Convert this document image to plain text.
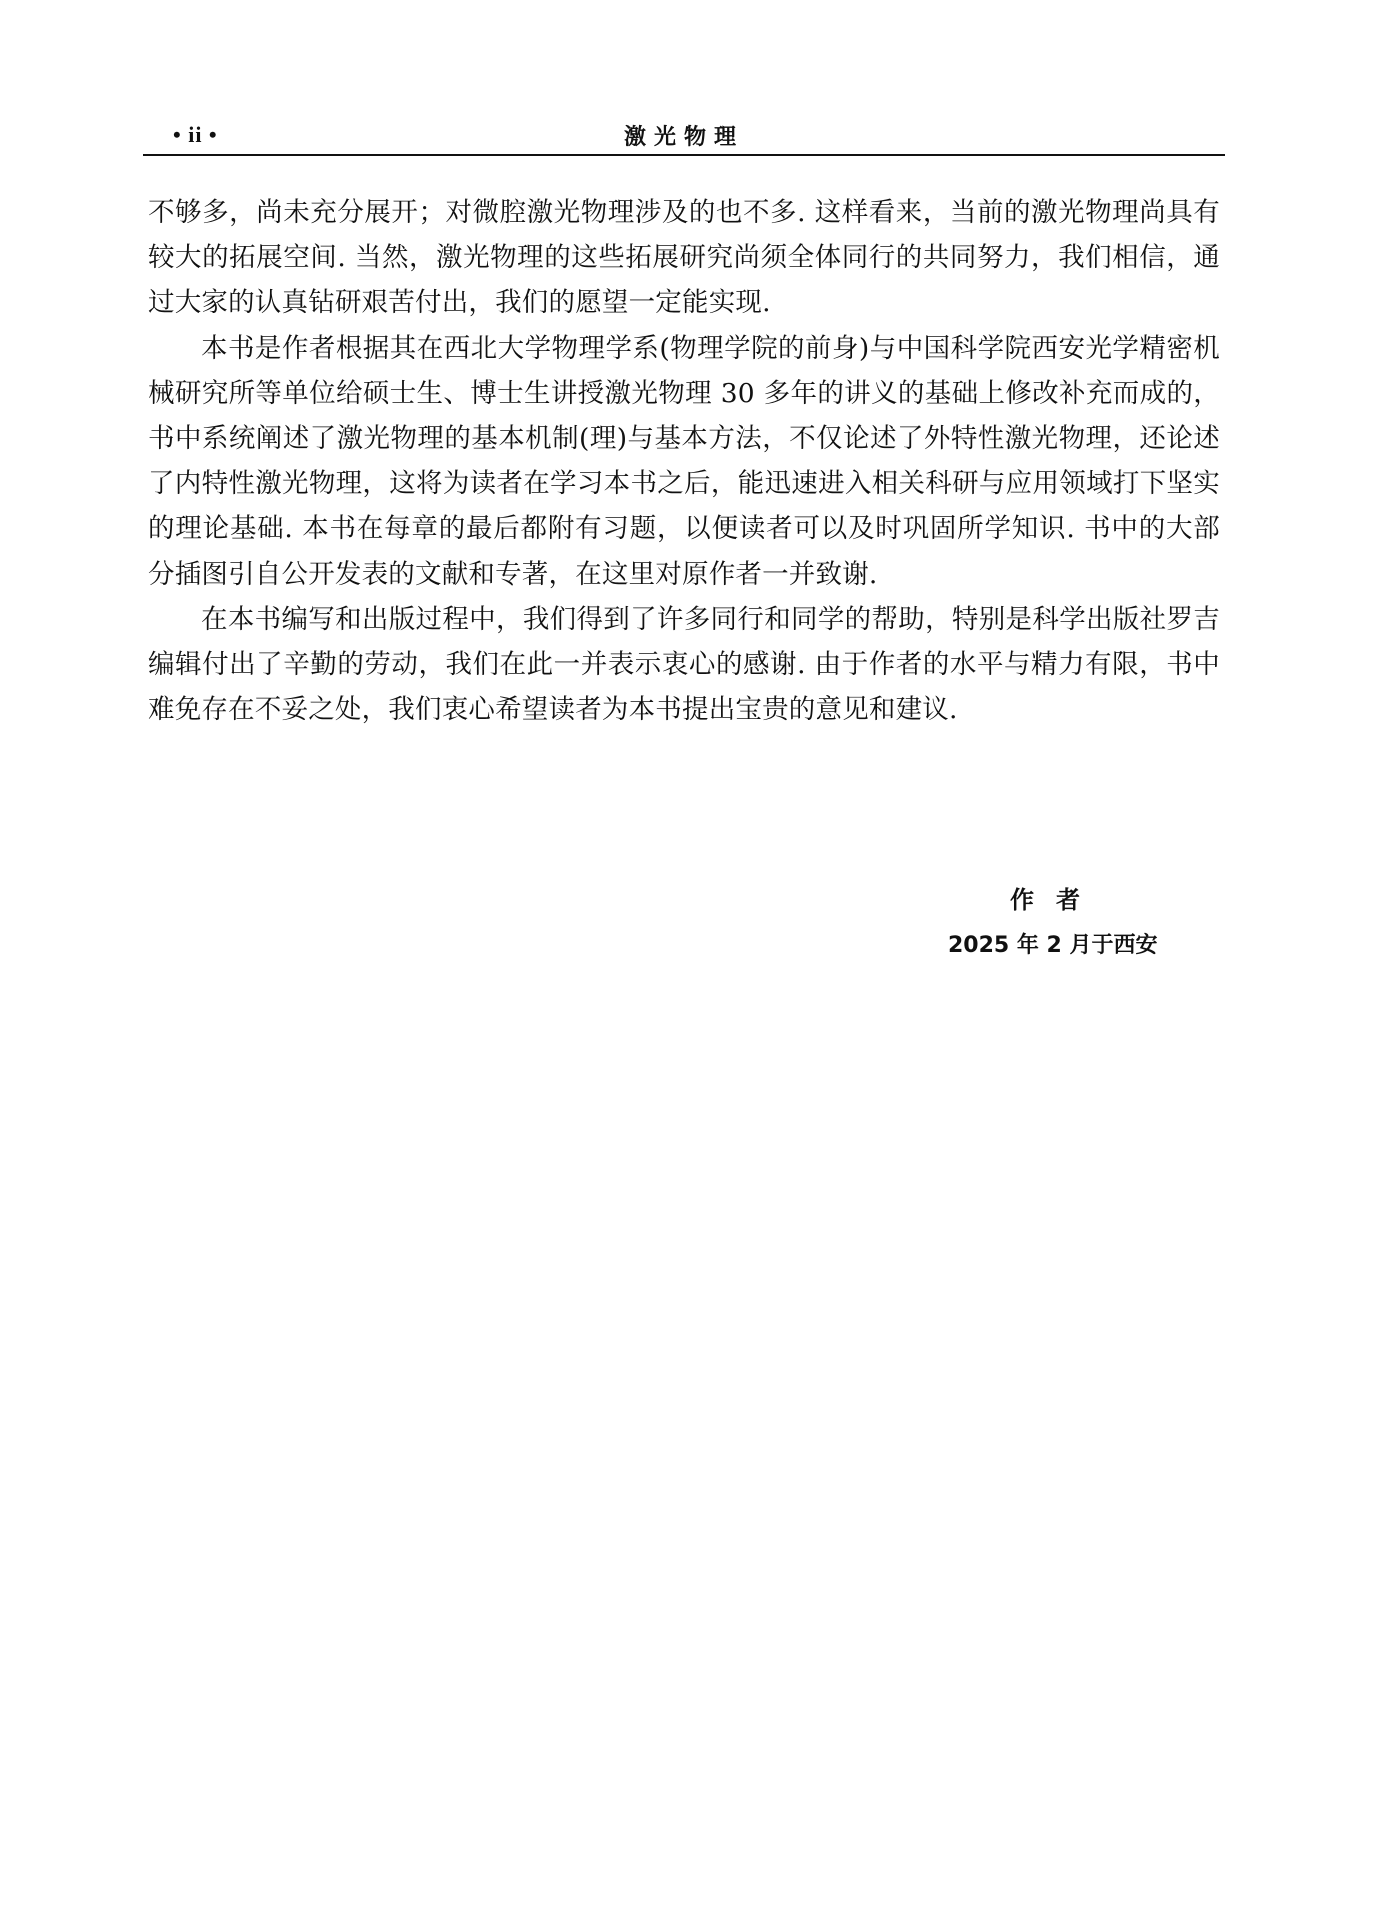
• ii •	激光物理

不够多，尚未充分展开；对微腔激光物理涉及的也不多. 这样看来，当前的激光物理尚具有较大的拓展空间. 当然，激光物理的这些拓展研究尚须全体同行的共同努力，我们相信，通过大家的认真钻研艰苦付出，我们的愿望一定能实现.

本书是作者根据其在西北大学物理学系(物理学院的前身)与中国科学院西安光学精密机械研究所等单位给硕士生、博士生讲授激光物理 30 多年的讲义的基础上修改补充而成的，书中系统阐述了激光物理的基本机制(理)与基本方法，不仅论述了外特性激光物理，还论述了内特性激光物理，这将为读者在学习本书之后，能迅速进入相关科研与应用领域打下坚实的理论基础. 本书在每章的最后都附有习题，以便读者可以及时巩固所学知识. 书中的大部分插图引自公开发表的文献和专著，在这里对原作者一并致谢.

在本书编写和出版过程中，我们得到了许多同行和同学的帮助，特别是科学出版社罗吉编辑付出了辛勤的劳动，我们在此一并表示衷心的感谢. 由于作者的水平与精力有限，书中难免存在不妥之处，我们衷心希望读者为本书提出宝贵的意见和建议.

作者
2025 年 2 月于西安
